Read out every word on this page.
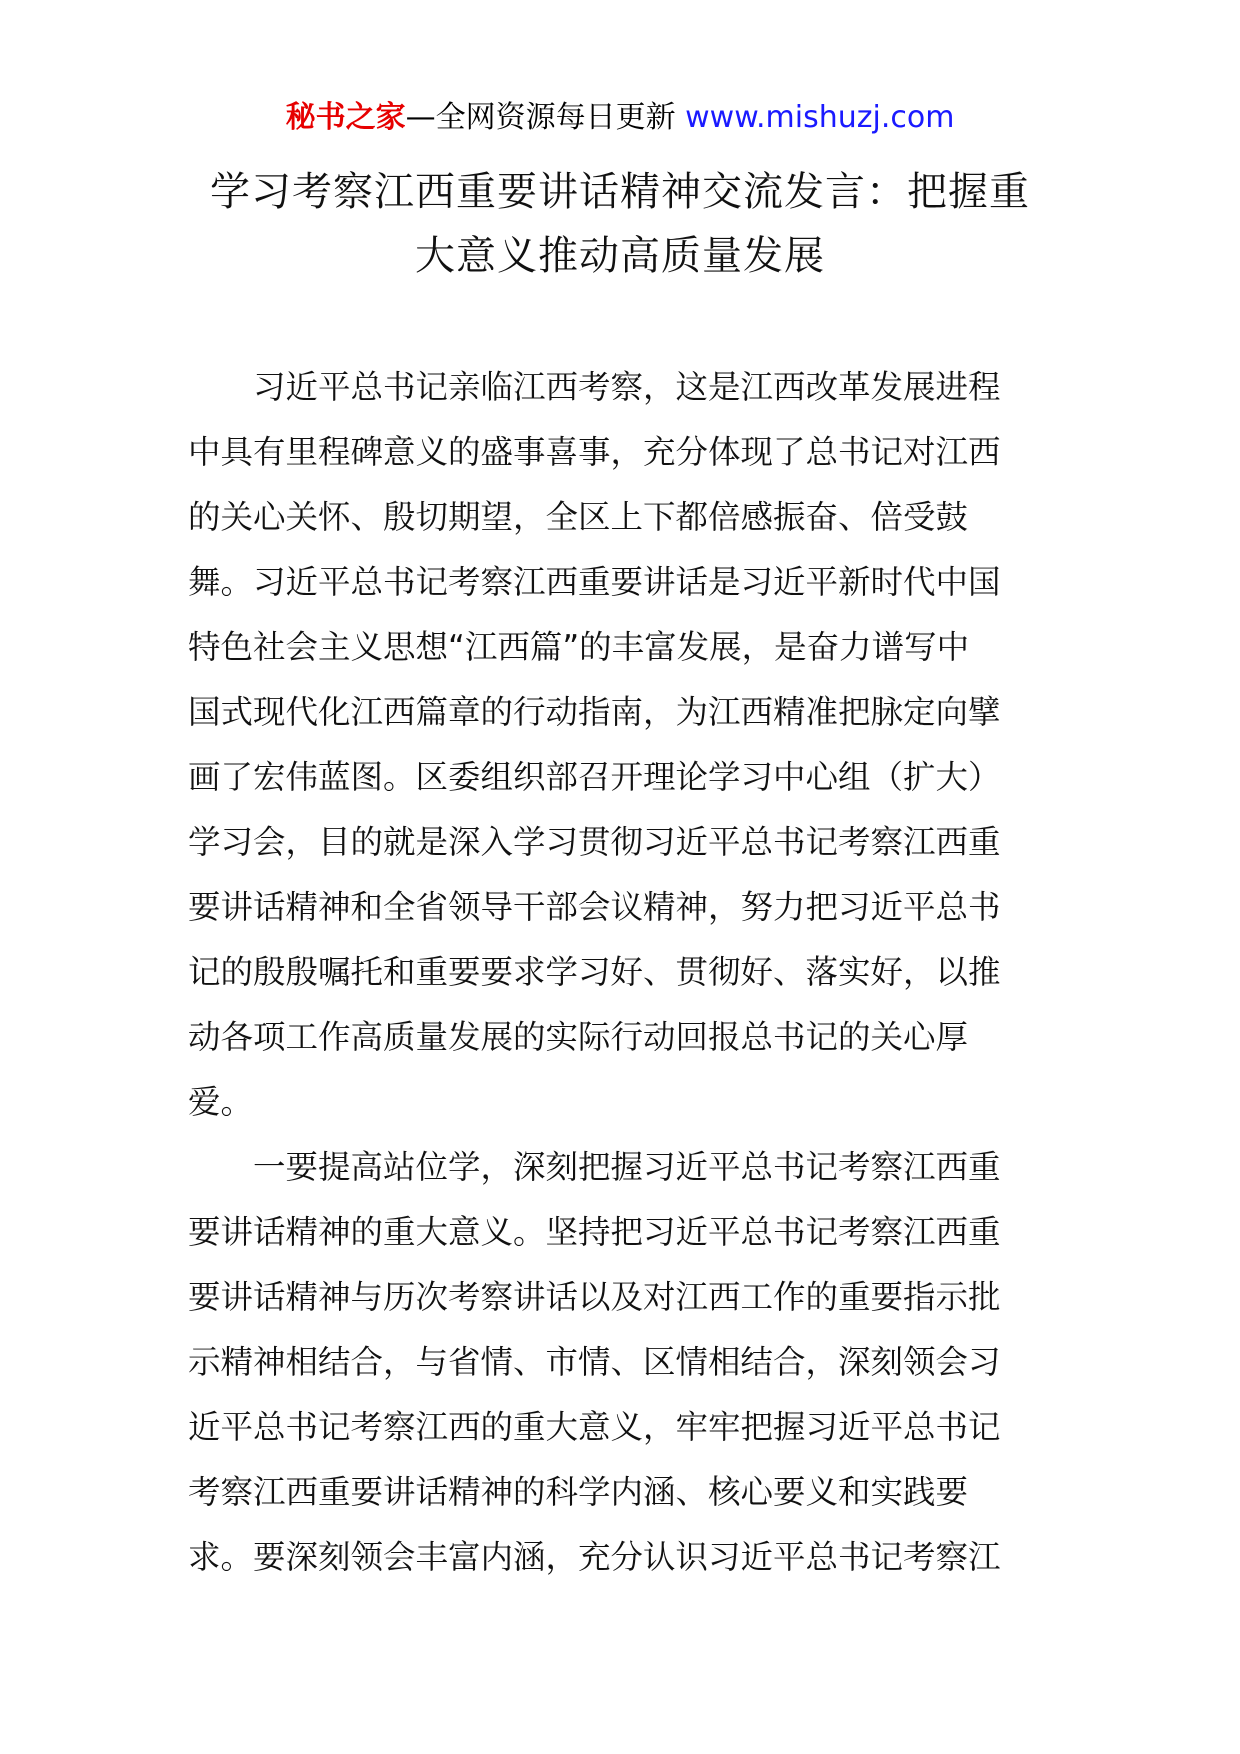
秘书之家—全网资源每日更新 www.mishuzj.com
学习考察江西重要讲话精神交流发言：把握重
大意义推动高质量发展
　　习近平总书记亲临江西考察，这是江西改革发展进程
中具有里程碑意义的盛事喜事，充分体现了总书记对江西
的关心关怀、殷切期望，全区上下都倍感振奋、倍受鼓
舞。习近平总书记考察江西重要讲话是习近平新时代中国
特色社会主义思想“江西篇”的丰富发展，是奋力谱写中
国式现代化江西篇章的行动指南，为江西精准把脉定向擘
画了宏伟蓝图。区委组织部召开理论学习中心组（扩大）
学习会，目的就是深入学习贯彻习近平总书记考察江西重
要讲话精神和全省领导干部会议精神，努力把习近平总书
记的殷殷嘱托和重要要求学习好、贯彻好、落实好，以推
动各项工作高质量发展的实际行动回报总书记的关心厚
爱。
　　一要提高站位学，深刻把握习近平总书记考察江西重
要讲话精神的重大意义。坚持把习近平总书记考察江西重
要讲话精神与历次考察讲话以及对江西工作的重要指示批
示精神相结合，与省情、市情、区情相结合，深刻领会习
近平总书记考察江西的重大意义，牢牢把握习近平总书记
考察江西重要讲话精神的科学内涵、核心要义和实践要
求。要深刻领会丰富内涵，充分认识习近平总书记考察江
